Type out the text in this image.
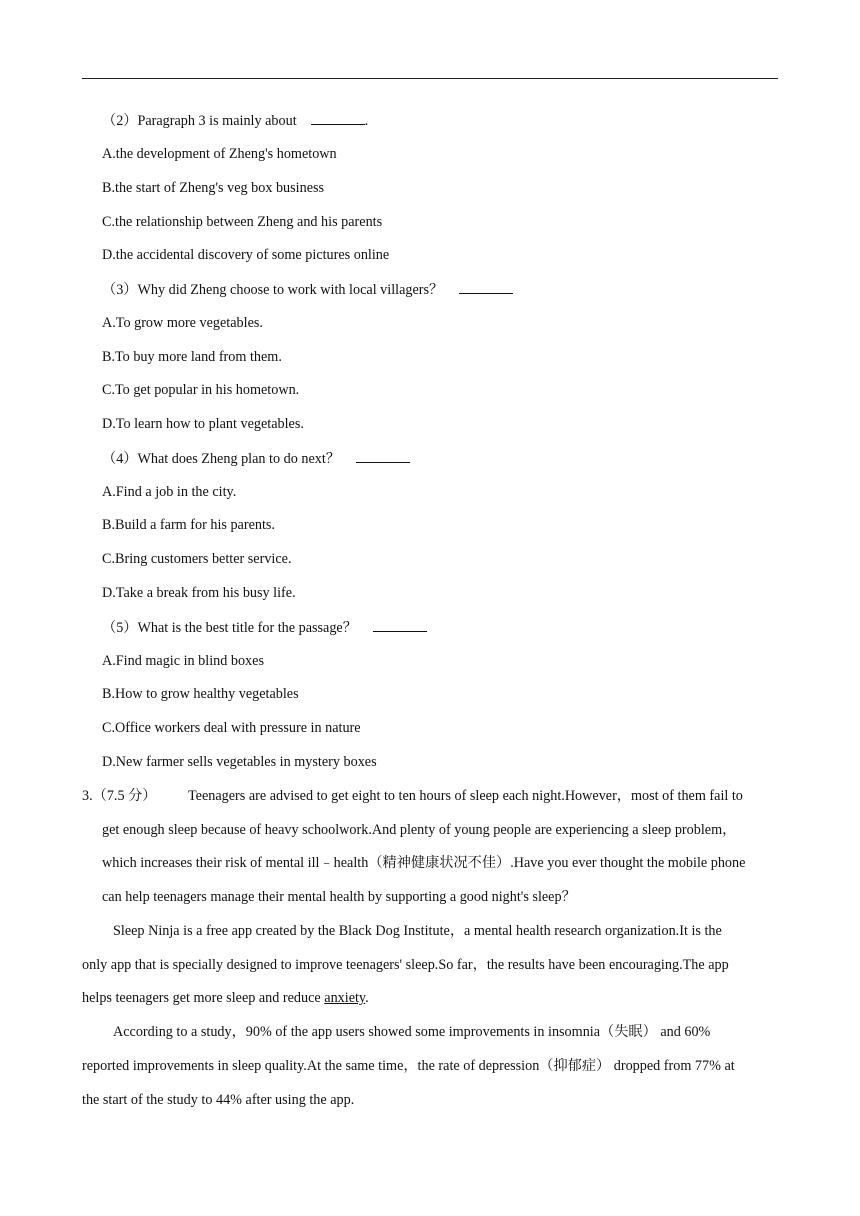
（2）Paragraph 3 is mainly about	.
A.the development of Zheng's hometown
B.the start of Zheng's veg box business
C.the relationship between Zheng and his parents
D.the accidental discovery of some pictures online
（3）Why did Zheng choose to work with local villagers？
A.To grow more vegetables.
B.To buy more land from them.
C.To get popular in his hometown.
D.To learn how to plant vegetables.
（4）What does Zheng plan to do next？
A.Find a job in the city.
B.Build a farm for his parents.
C.Bring customers better service.
D.Take a break from his busy life.
（5）What is the best title for the passage？
A.Find magic in blind boxes
B.How to grow healthy vegetables
C.Office workers deal with pressure in nature
D.New farmer sells vegetables in mystery boxes
3.（7.5 分） Teenagers are advised to get eight to ten hours of sleep each night.However，most of them fail to
get enough sleep because of heavy schoolwork.And plenty of young people are experiencing a sleep problem，
which increases their risk of mental ill﹣health（精神健康状况不佳）.Have you ever thought the mobile phone
can help teenagers manage their mental health by supporting a good night's sleep？
Sleep Ninja is a free app created by the Black Dog Institute，a mental health research organization.It is the
only app that is specially designed to improve teenagers' sleep.So far，the results have been encouraging.The app
helps teenagers get more sleep and reduce anxiety.
According to a study，90% of the app users showed some improvements in insomnia（失眠） and 60%
reported improvements in sleep quality.At the same time，the rate of depression（抑郁症） dropped from 77% at
the start of the study to 44% after using the app.
